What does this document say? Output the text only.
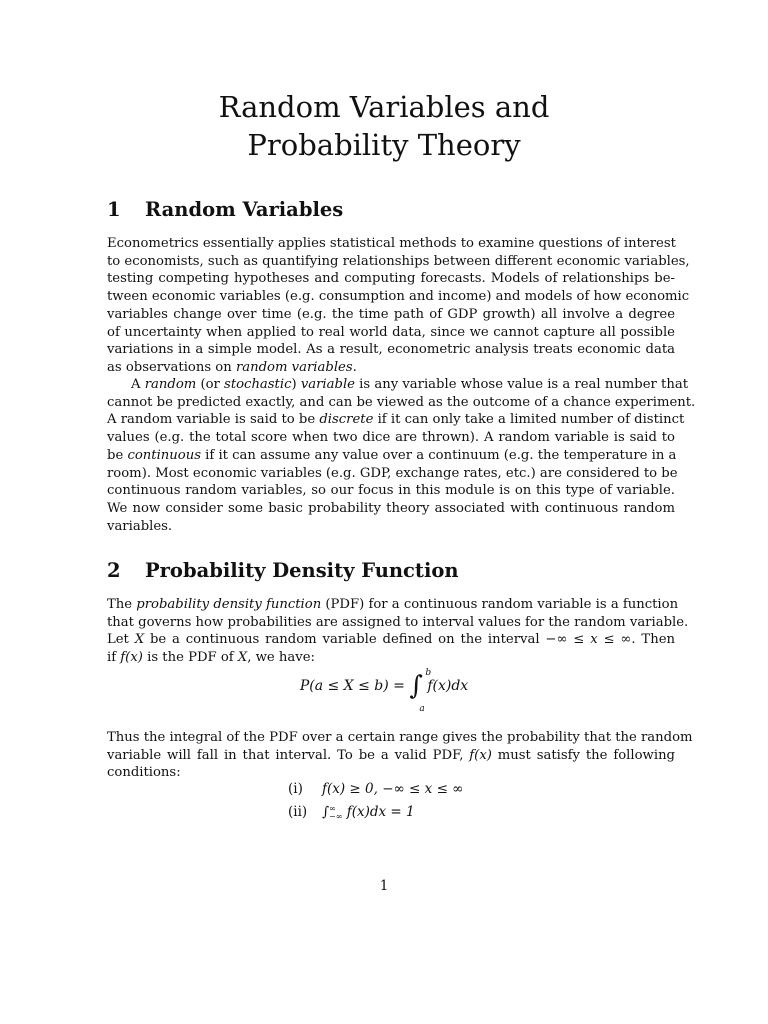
Random Variables and
Probability Theory
1 Random Variables
Econometrics essentially applies statistical methods to examine questions of interest
to economists, such as quantifying relationships between different economic variables,
testing competing hypotheses and computing forecasts. Models of relationships be-
tween economic variables (e.g. consumption and income) and models of how economic
variables change over time (e.g. the time path of GDP growth) all involve a degree
of uncertainty when applied to real world data, since we cannot capture all possible
variations in a simple model. As a result, econometric analysis treats economic data
as observations on random variables.
A random (or stochastic) variable is any variable whose value is a real number that
cannot be predicted exactly, and can be viewed as the outcome of a chance experiment.
A random variable is said to be discrete if it can only take a limited number of distinct
values (e.g. the total score when two dice are thrown). A random variable is said to
be continuous if it can assume any value over a continuum (e.g. the temperature in a
room). Most economic variables (e.g. GDP, exchange rates, etc.) are considered to be
continuous random variables, so our focus in this module is on this type of variable.
We now consider some basic probability theory associated with continuous random
variables.
2 Probability Density Function
The probability density function (PDF) for a continuous random variable is a function
that governs how probabilities are assigned to interval values for the random variable.
Let X be a continuous random variable defined on the interval −∞ ≤ x ≤ ∞. Then
if f(x) is the PDF of X, we have:
P(a ≤ X ≤ b) = ∫ b
a
f(x)dx
Thus the integral of the PDF over a certain range gives the probability that the random
variable will fall in that interval. To be a valid PDF, f(x) must satisfy the following
conditions:
(i) f(x) ≥ 0, −∞ ≤ x ≤ ∞
(ii) ∫ ∞
−∞ f(x)dx = 1
1
